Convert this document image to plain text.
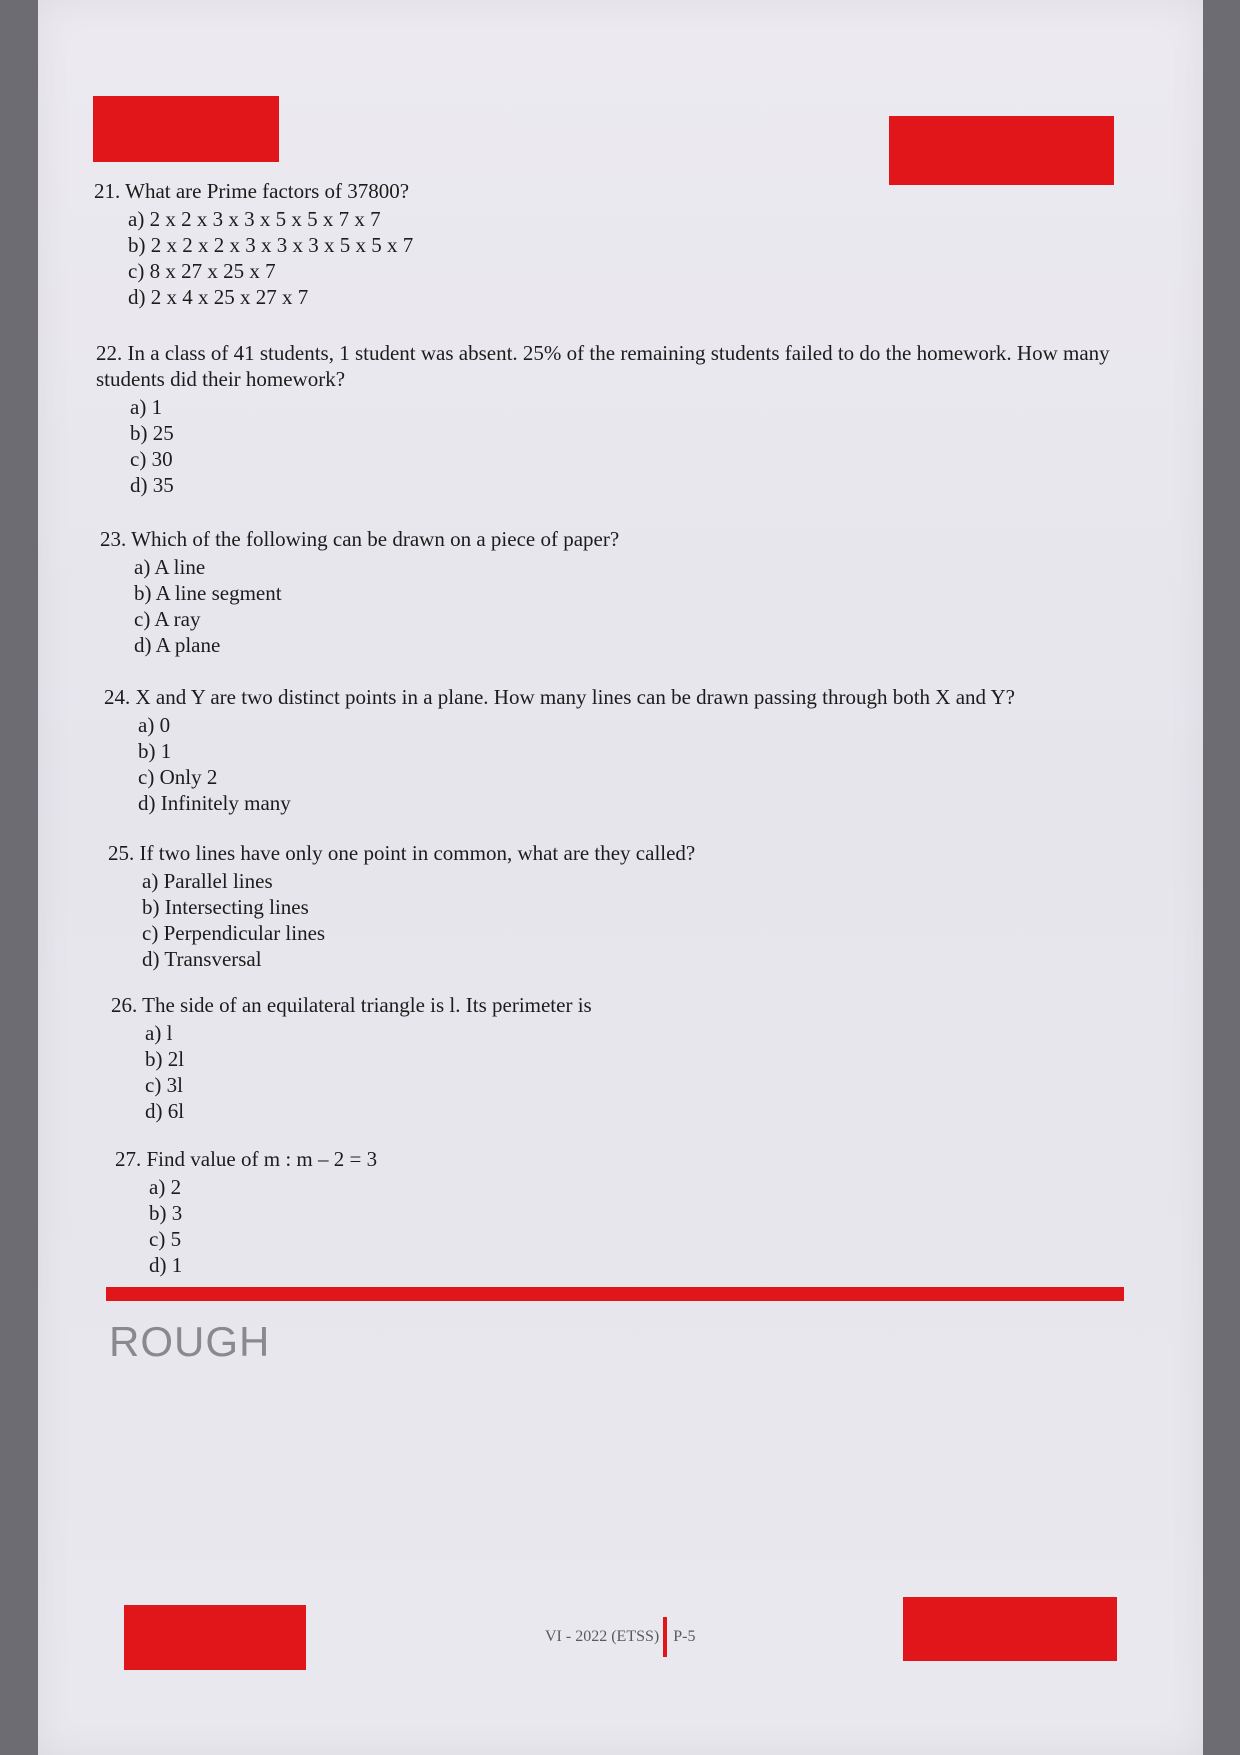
21. What are Prime factors of 37800?

a) 2 x 2 x 3 x 3 x 5 x 5 x 7 x 7
b) 2 x 2 x 2 x 3 x 3 x 3 x 5 x 5 x 7
c) 8 x 27 x 25 x 7
d) 2 x 4 x 25 x 27 x 7

22. In a class of 41 students, 1 student was absent. 25% of the remaining students failed to do the homework. How many students did their homework?

a) 1
b) 25
c) 30
d) 35

23. Which of the following can be drawn on a piece of paper?

a) A line
b) A line segment
c) A ray
d) A plane

24. X and Y are two distinct points in a plane. How many lines can be drawn passing through both X and Y?

a) 0
b) 1
c) Only 2
d) Infinitely many

25. If two lines have only one point in common, what are they called?

a) Parallel lines
b) Intersecting lines
c) Perpendicular lines
d) Transversal

26. The side of an equilateral triangle is l. Its perimeter is

a) l
b) 2l
c) 3l
d) 6l

27. Find value of m : m – 2 = 3

a) 2
b) 3
c) 5
d) 1
ROUGH
VI - 2022 (ETSS) P-5
